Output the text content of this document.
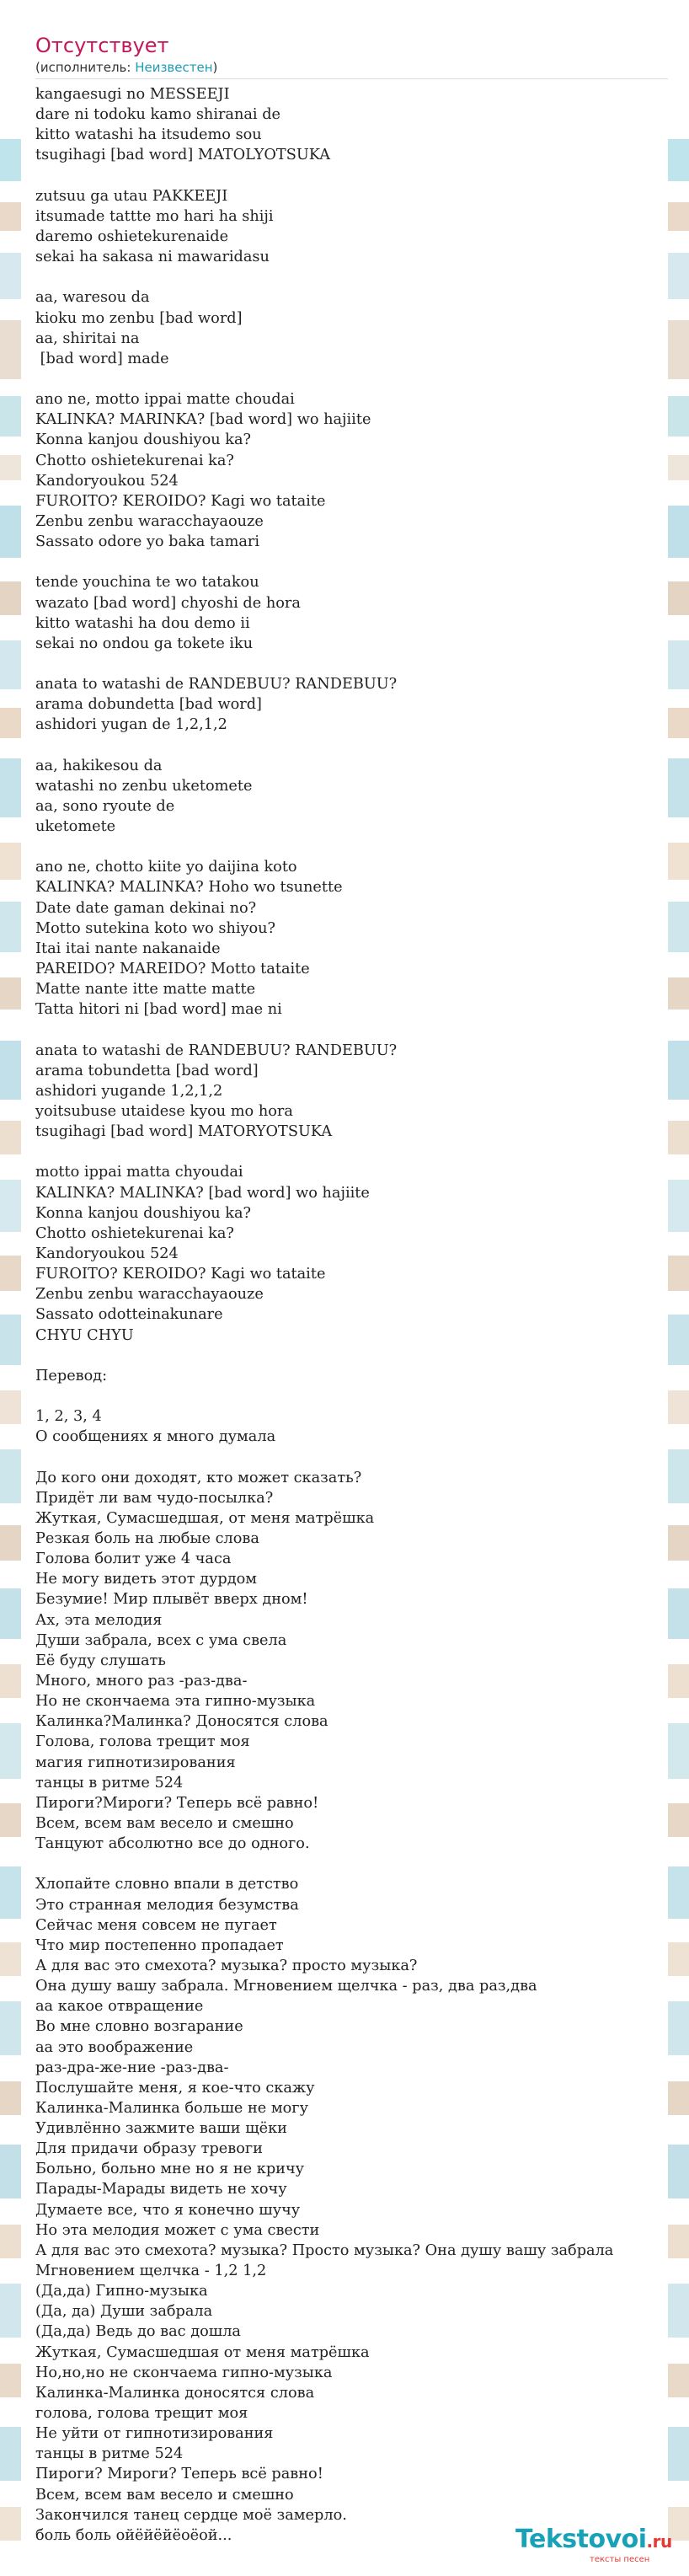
Отсутствует
(исполнитель: Неизвестен)
kangaesugi no MESSEEJI
dare ni todoku kamo shiranai de
kitto watashi ha itsudemo sou
tsugihagi [bad word] MATOLYOTSUKA

zutsuu ga utau PAKKEEJI
itsumade tattte mo hari ha shiji
daremo oshietekurenaide
sekai ha sakasa ni mawaridasu

aa, waresou da
kioku mo zenbu [bad word]
aa, shiritai na
[bad word] made

ano ne, motto ippai matte choudai
KALINKA? MARINKA? [bad word] wo hajiite
Konna kanjou doushiyou ka?
Chotto oshietekurenai ka?
Kandoryoukou 524
FUROITO? KEROIDO? Kagi wo tataite
Zenbu zenbu waracchayaouze
Sassato odore yo baka tamari

tende youchina te wo tatakou
wazato [bad word] chyoshi de hora
kitto watashi ha dou demo ii
sekai no ondou ga tokete iku

anata to watashi de RANDEBUU? RANDEBUU?
arama dobundetta [bad word]
ashidori yugan de 1,2,1,2

aa, hakikesou da
watashi no zenbu uketomete
aa, sono ryoute de
uketomete

ano ne, chotto kiite yo daijina koto
KALINKA? MALINKA? Hoho wo tsunette
Date date gaman dekinai no?
Motto sutekina koto wo shiyou?
Itai itai nante nakanaide
PAREIDO? MAREIDO? Motto tataite
Matte nante itte matte matte
Tatta hitori ni [bad word] mae ni

anata to watashi de RANDEBUU? RANDEBUU?
arama tobundetta [bad word]
ashidori yugande 1,2,1,2
yoitsubuse utaidese kyou mo hora
tsugihagi [bad word] MATORYOTSUKA

motto ippai matta chyoudai
KALINKA? MALINKA? [bad word] wo hajiite
Konna kanjou doushiyou ka?
Chotto oshietekurenai ka?
Kandoryoukou 524
FUROITO? KEROIDO? Kagi wo tataite
Zenbu zenbu waracchayaouze
Sassato odotteinakunare
CHYU CHYU

Перевод:

1, 2, 3, 4
О сообщениях я много думала

До кого они доходят, кто может сказать?
Придёт ли вам чудо-посылка?
Жуткая, Сумасшедшая, от меня матрёшка
Резкая боль на любые слова
Голова болит уже 4 часа
Не могу видеть этот дурдом
Безумие! Мир плывёт вверх дном!
Ах, эта мелодия
Души забрала, всех с ума свела
Её буду слушать
Много, много раз -раз-два-
Но не скончаема эта гипно-музыка
Калинка?Малинка? Доносятся слова
Голова, голова трещит моя
магия гипнотизирования
танцы в ритме 524
Пироги?Мироги? Теперь всё равно!
Всем, всем вам весело и смешно
Танцуют абсолютно все до одного.

Хлопайте словно впали в детство
Это странная мелодия безумства
Сейчас меня совсем не пугает
Что мир постепенно пропадает
А для вас это смехота? музыка? просто музыка?
Она душу вашу забрала. Мгновением щелчка - раз, два раз,два
аа какое отвращение
Во мне словно возгарание
аа это воображение
раз-дра-же-ние -раз-два-
Послушайте меня, я кое-что скажу
Калинка-Малинка больше не могу
Удивлённо зажмите ваши щёки
Для придачи образу тревоги
Больно, больно мне но я не кричу
Парады-Марады видеть не хочу
Думаете все, что я конечно шучу
Но эта мелодия может с ума свести
А для вас это смехота? музыка? Просто музыка? Она душу вашу забрала
Мгновением щелчка - 1,2 1,2
(Да,да) Гипно-музыка
(Да, да) Души забрала
(Да,да) Ведь до вас дошла
Жуткая, Сумасшедшая от меня матрёшка
Но,но,но не скончаема гипно-музыка
Калинка-Малинка доносятся слова
голова, голова трещит моя
Не уйти от гипнотизирования
танцы в ритме 524
Пироги? Мироги? Теперь всё равно!
Всем, всем вам весело и смешно
Закончился танец сердце моё замерло.
боль боль ойёйёйёоёой...	Tekstovoi.ru
тексты песен
